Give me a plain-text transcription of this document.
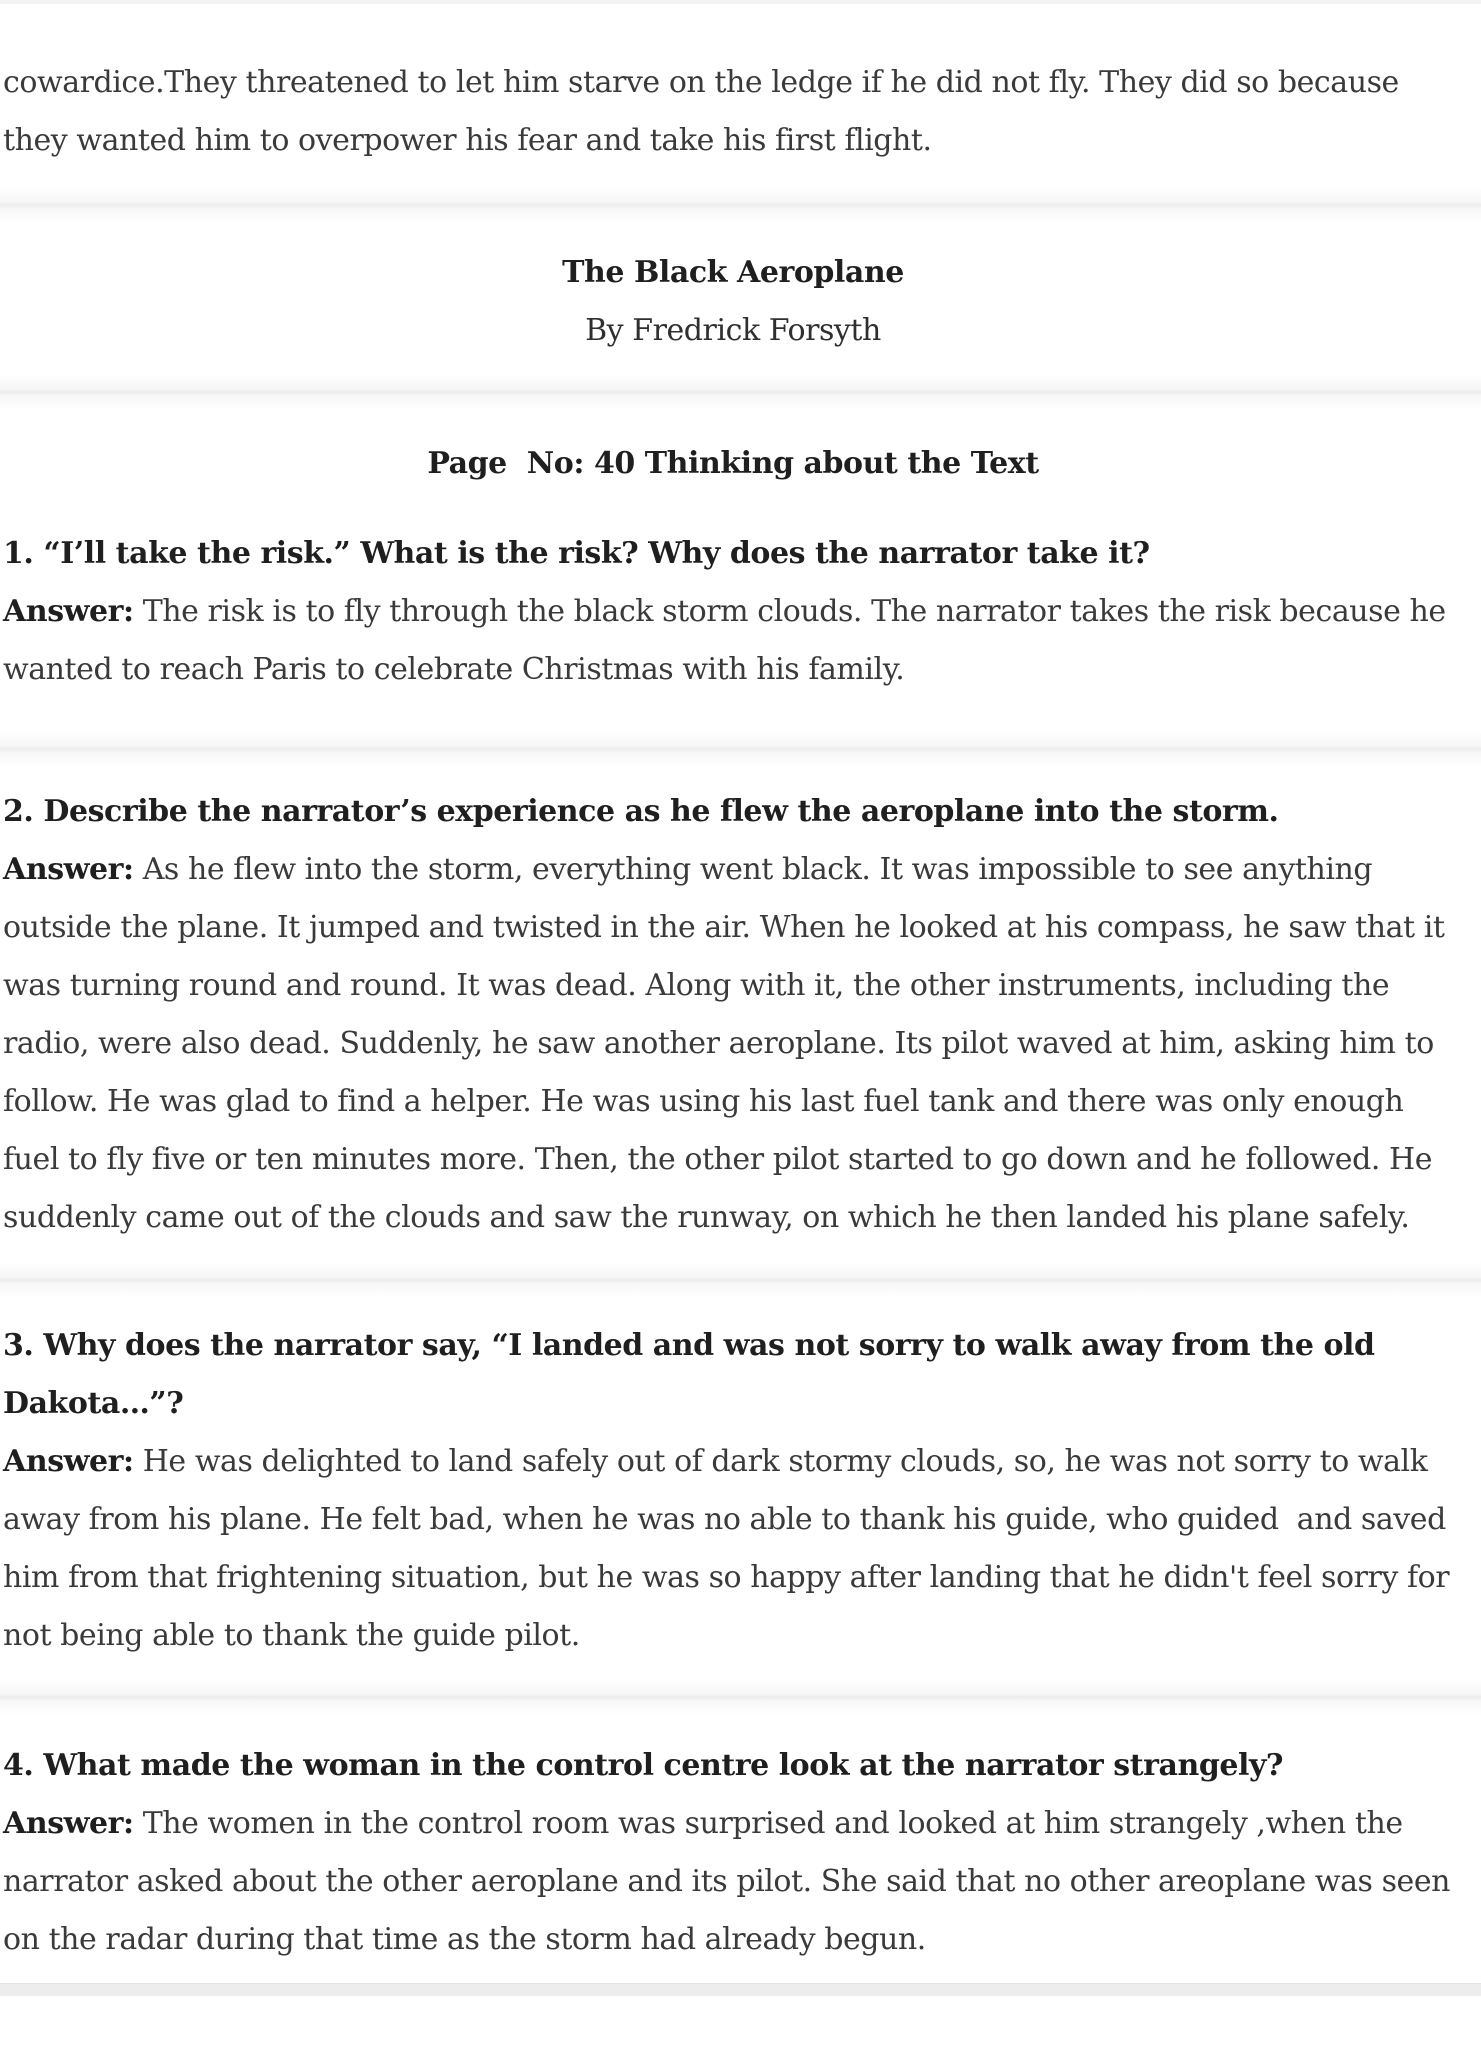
cowardice.They threatened to let him starve on the ledge if he did not fly. They did so because they wanted him to overpower his fear and take his first flight.

The Black Aeroplane

By Fredrick Forsyth

Page  No: 40 Thinking about the Text

1. “I’ll take the risk.” What is the risk? Why does the narrator take it?

Answer: The risk is to fly through the black storm clouds. The narrator takes the risk because he wanted to reach Paris to celebrate Christmas with his family.

2. Describe the narrator’s experience as he flew the aeroplane into the storm.

Answer: As he flew into the storm, everything went black. It was impossible to see anything outside the plane. It jumped and twisted in the air. When he looked at his compass, he saw that it was turning round and round. It was dead. Along with it, the other instruments, including the radio, were also dead. Suddenly, he saw another aeroplane. Its pilot waved at him, asking him to follow. He was glad to find a helper. He was using his last fuel tank and there was only enough fuel to fly five or ten minutes more. Then, the other pilot started to go down and he followed. He suddenly came out of the clouds and saw the runway, on which he then landed his plane safely.

3. Why does the narrator say, “I landed and was not sorry to walk away from the old Dakota…”?

Answer: He was delighted to land safely out of dark stormy clouds, so, he was not sorry to walk away from his plane. He felt bad, when he was no able to thank his guide, who guided  and saved him from that frightening situation, but he was so happy after landing that he didn't feel sorry for not being able to thank the guide pilot.

4. What made the woman in the control centre look at the narrator strangely?

Answer: The women in the control room was surprised and looked at him strangely ,when the narrator asked about the other aeroplane and its pilot. She said that no other areoplane was seen on the radar during that time as the storm had already begun.
